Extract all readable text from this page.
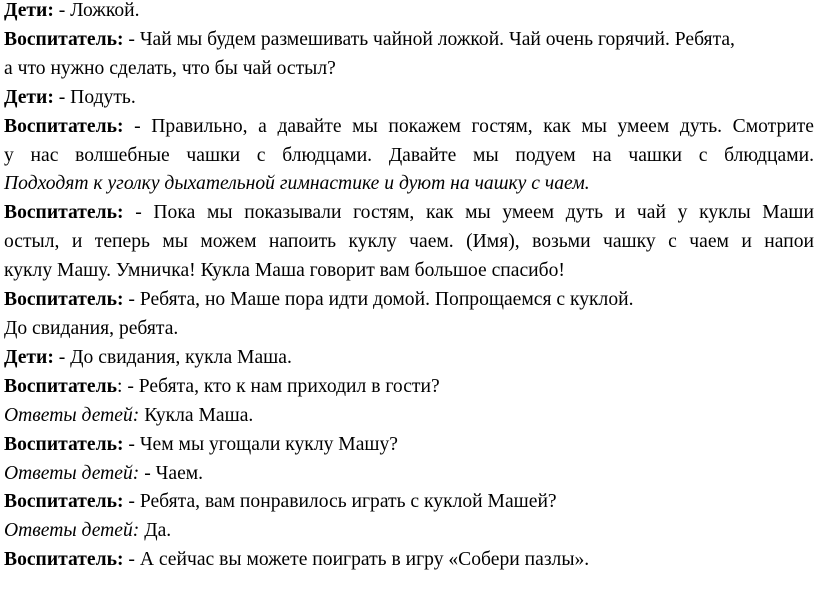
Дети: - Ложкой.
Воспитатель: - Чай мы будем размешивать чайной ложкой. Чай очень горячий. Ребята,
а что нужно сделать, что бы чай остыл?
Дети: - Подуть.
Воспитатель: - Правильно, а давайте мы покажем гостям, как мы умеем дуть. Смотрите
у нас волшебные чашки с блюдцами. Давайте мы подуем на чашки с блюдцами.
Подходят к уголку дыхательной гимнастике и дуют на чашку с чаем.
Воспитатель: - Пока мы показывали гостям, как мы умеем дуть и чай у куклы Маши
остыл, и теперь мы можем напоить куклу чаем. (Имя), возьми чашку с чаем и напои
куклу Машу. Умничка! Кукла Маша говорит вам большое спасибо!
Воспитатель: - Ребята, но Маше пора идти домой. Попрощаемся с куклой.
До свидания, ребята.
Дети: - До свидания, кукла Маша.
Воспитатель: - Ребята, кто к нам приходил в гости?
Ответы детей: Кукла Маша.
Воспитатель: - Чем мы угощали куклу Машу?
Ответы детей: - Чаем.
Воспитатель: - Ребята, вам понравилось играть с куклой Машей?
Ответы детей: Да.
Воспитатель: - А сейчас вы можете поиграть в игру «Собери пазлы».
